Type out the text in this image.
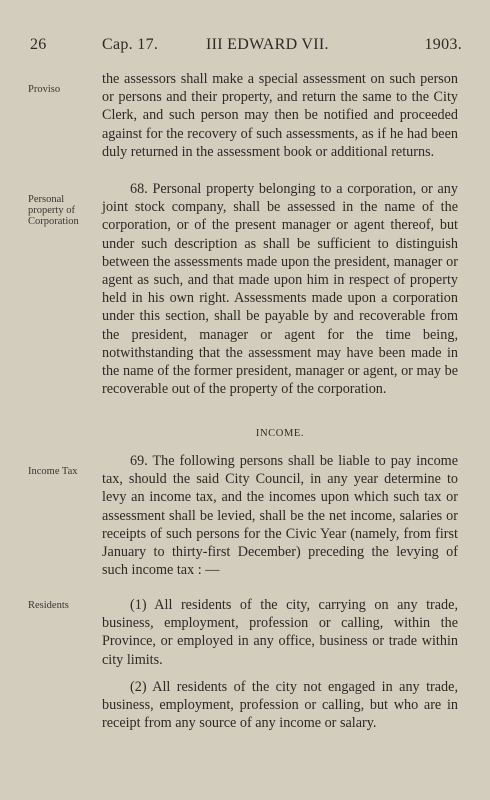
26	Cap. 17.	III EDWARD VII.	1903.
Proviso

the assessors shall make a special assessment on such person or persons and their property, and return the same to the City Clerk, and such person may then be notified and proceeded against for the recovery of such assessments, as if he had been duly returned in the assessment book or additional returns.

Personal property of Corporation

68. Personal property belonging to a corporation, or any joint stock company, shall be assessed in the name of the corporation, or of the present manager or agent thereof, but under such description as shall be sufficient to distinguish between the assessments made upon the president, manager or agent as such, and that made upon him in respect of property held in his own right. Assessments made upon a corporation under this section, shall be payable by and recoverable from the president, manager or agent for the time being, notwithstanding that the assessment may have been made in the name of the former president, manager or agent, or may be recoverable out of the property of the corporation.

INCOME.
Income Tax

69. The following persons shall be liable to pay income tax, should the said City Council, in any year determine to levy an income tax, and the incomes upon which such tax or assessment shall be levied, shall be the net income, salaries or receipts of such persons for the Civic Year (namely, from first January to thirty-first December) preceding the levying of such income tax : —

Residents	(1) All residents of the city, carrying on any trade, business, employment, profession or calling, within the Province, or employed in any office, business or trade within city limits.

(2) All residents of the city not engaged in any trade, business, employment, profession or calling, but who are in receipt from any source of any income or salary.
